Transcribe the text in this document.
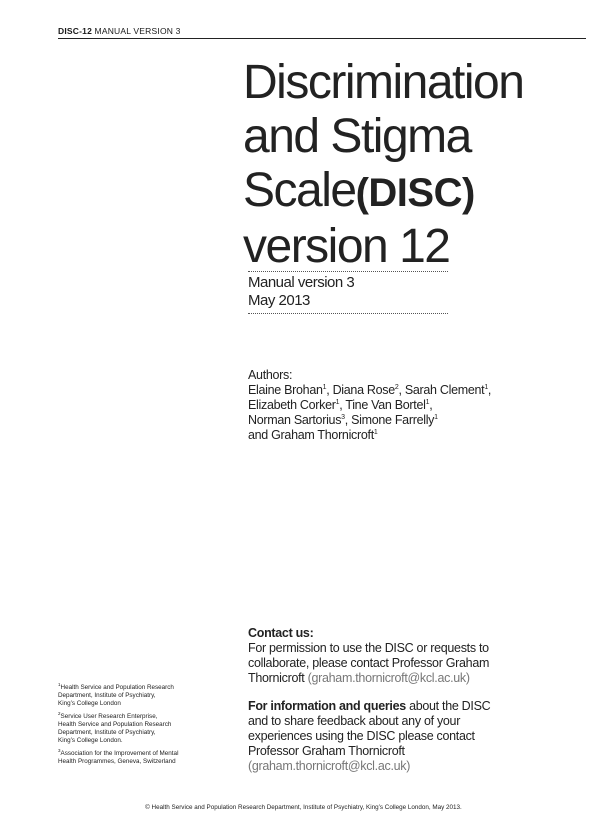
DISC-12 MANUAL VERSION 3
Discrimination
and Stigma
Scale(DISC)
version 12
Manual version 3
May 2013
Authors:
Elaine Brohan$^1$, Diana Rose$^2$, Sarah Clement$^1$,
Elizabeth Corker$^1$, Tine Van Bortel$^1$,
Norman Sartorius$^3$, Simone Farrelly$^1$
and Graham Thornicroft$^1$
Contact us:
For permission to use the DISC or requests to
collaborate, please contact Professor Graham
Thornicroft (graham.thornicroft@kcl.ac.uk)
For information and queries about the DISC
and to share feedback about any of your
experiences using the DISC please contact
Professor Graham Thornicroft
(graham.thornicroft@kcl.ac.uk)
$^1$Health Service and Population Research
Department, Institute of Psychiatry,
King’s College London
$^2$Service User Research Enterprise,
Health Service and Population Research
Department, Institute of Psychiatry,
King’s College London.
$^3$Association for the Improvement of Mental
Health Programmes, Geneva, Switzerland
© Health Service and Population Research Department, Institute of Psychiatry, King’s College London, May 2013.
